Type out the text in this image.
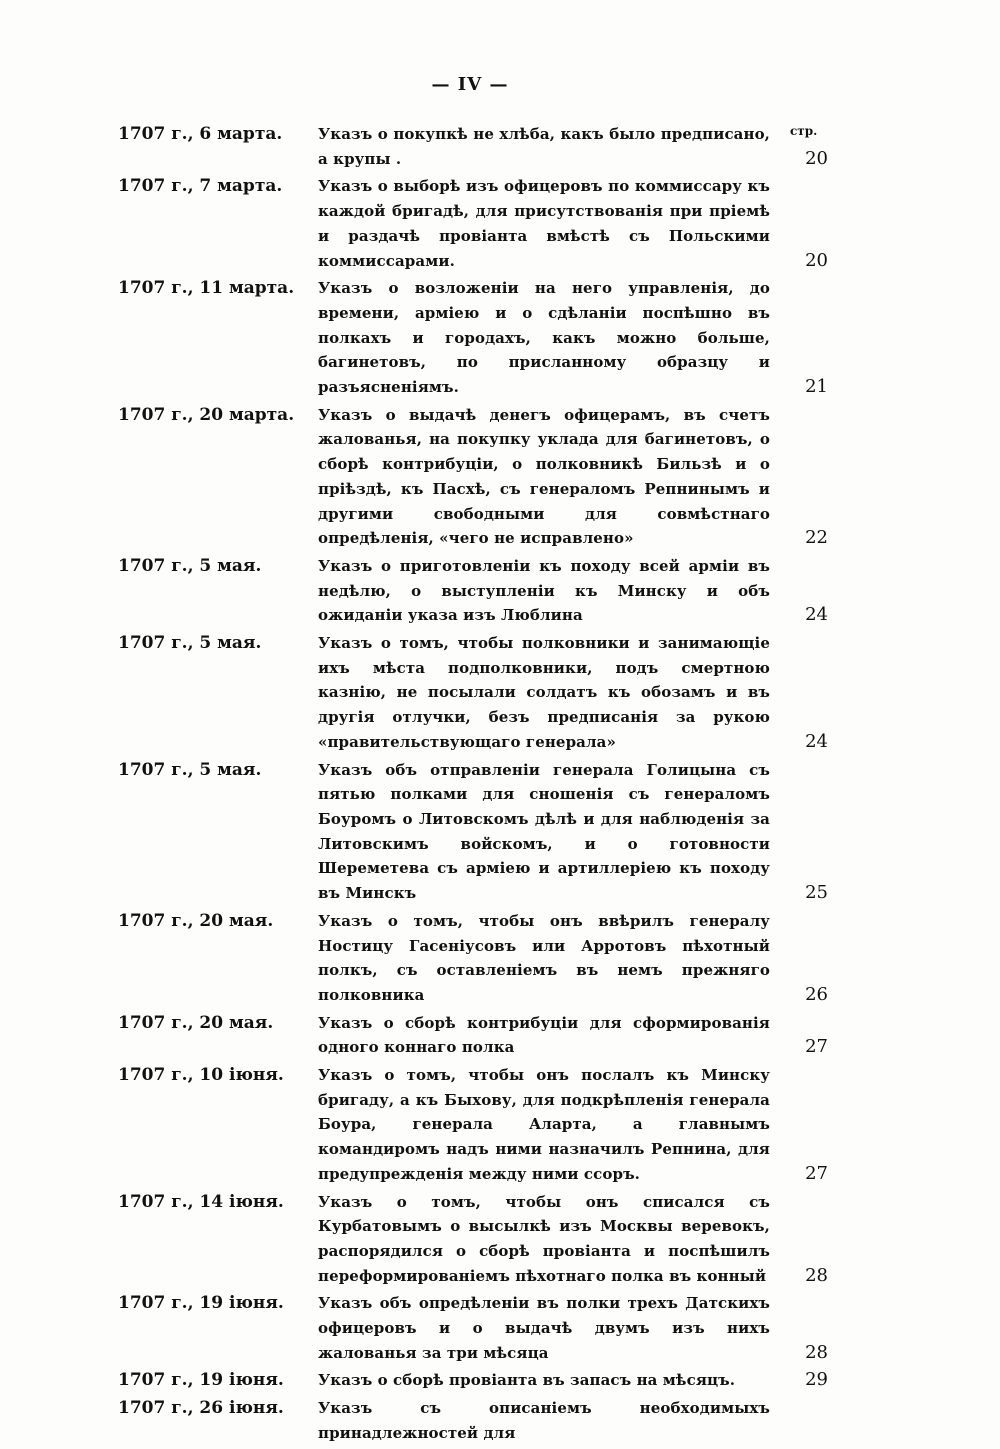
— IV —
стр.
1707 г., 6 марта.	Указъ о покупкѣ не хлѣба, какъ было предписано, а крупы .	20
1707 г., 7 марта.	Указъ о выборѣ изъ офицеровъ по коммиссару къ каждой бригадѣ, для присутствованія при пріемѣ и раздачѣ провіанта вмѣстѣ съ Польскими коммиссарами.	20
1707 г., 11 марта.	Указъ о возложеніи на него управленія, до времени, арміею и о сдѣланіи поспѣшно въ полкахъ и городахъ, какъ можно больше, багинетовъ, по присланному образцу и разъясненіямъ.	21
1707 г., 20 марта.	Указъ о выдачѣ денегъ офицерамъ, въ счетъ жалованья, на покупку уклада для багинетовъ, о сборѣ контрибуціи, о полковникѣ Бильзѣ и о пріѣздѣ, къ Пасхѣ, съ генераломъ Репнинымъ и другими свободными для совмѣстнаго опредѣленія, «чего не исправлено»	22
1707 г., 5 мая.	Указъ о приготовленіи къ походу всей арміи въ недѣлю, о выступленіи къ Минску и объ ожиданіи указа изъ Люблина	24
1707 г., 5 мая.	Указъ о томъ, чтобы полковники и занимающіе ихъ мѣста подполковники, подъ смертною казнію, не посылали солдатъ къ обозамъ и въ другія отлучки, безъ предписанія за рукою «правительствующаго генерала»	24
1707 г., 5 мая.	Указъ объ отправленіи генерала Голицына съ пятью полками для сношенія съ генераломъ Боуромъ о Литовскомъ дѣлѣ и для наблюденія за Литовскимъ войскомъ, и о готовности Шереметева съ арміею и артиллеріею къ походу въ Минскъ	25
1707 г., 20 мая.	Указъ о томъ, чтобы онъ ввѣрилъ генералу Ностицу Гасеніусовъ или Арротовъ пѣхотный полкъ, съ оставленіемъ въ немъ прежняго полковника	26
1707 г., 20 мая.	Указъ о сборѣ контрибуціи для сформированія одного коннаго полка	27
1707 г., 10 іюня.	Указъ о томъ, чтобы онъ послалъ къ Минску бригаду, а къ Быхову, для подкрѣпленія генерала Боура, генерала Аларта, а главнымъ командиромъ надъ ними назначилъ Репнина, для предупрежденія между ними ссоръ.	27
1707 г., 14 іюня.	Указъ о томъ, чтобы онъ списался съ Курбатовымъ о высылкѣ изъ Москвы веревокъ, распорядился о сборѣ провіанта и поспѣшилъ переформированіемъ пѣхотнаго полка въ конный	28
1707 г., 19 іюня.	Указъ объ опредѣленіи въ полки трехъ Датскихъ офицеровъ и о выдачѣ двумъ изъ нихъ жалованья за три мѣсяца	28
1707 г., 19 іюня.	Указъ о сборѣ провіанта въ запасъ на мѣсяцъ.	29
1707 г., 26 іюня.	Указъ съ описаніемъ необходимыхъ принадлежностей для
